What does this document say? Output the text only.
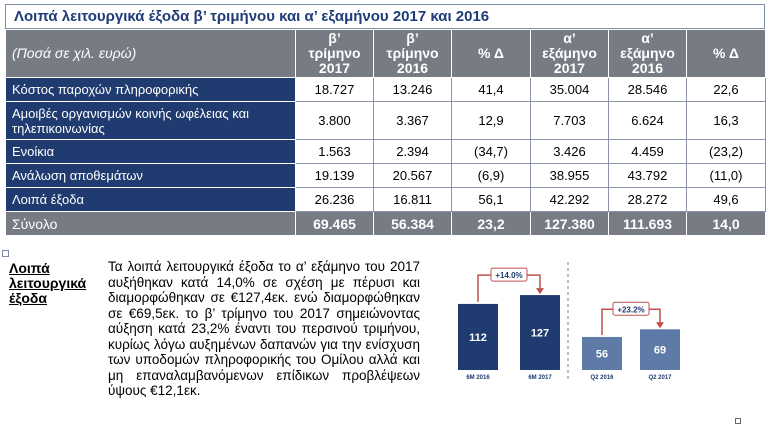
Λοιπά λειτουργικά έξοδα β’ τριμήνου και α’ εξαμήνου 2017 και 2016
(Ποσά σε χιλ. ευρώ)	β’
τρίμηνο
2017	β’
τρίμηνο
2016	% Δ	α’
εξάμηνο
2017	α’
εξάμηνο
2016	% Δ
Κόστος παροχών πληροφορικής	18.727	13.246	41,4	35.004	28.546	22,6
Αμοιβές οργανισμών κοινής ωφέλειας και τηλεπικοινωνίας	3.800	3.367	12,9	7.703	6.624	16,3
Ενοίκια	1.563	2.394	(34,7)	3.426	4.459	(23,2)
Ανάλωση αποθεμάτων	19.139	20.567	(6,9)	38.955	43.792	(11,0)
Λοιπά έξοδα	26.236	16.811	56,1	42.292	28.272	49,6
Σύνολο	69.465	56.384	23,2	127.380	111.693	14,0
Λοιπά λειτουργικά έξοδα
Τα λοιπά λειτουργικά έξοδα το α’ εξάμηνο του 2017 αυξήθηκαν κατά 14,0% σε σχέση με πέρυσι και διαμορφώθηκαν σε €127,4εκ. ενώ διαμορφώθηκαν σε €69,5εκ. το β’ τρίμηνο του 2017 σημειώνοντας αύξηση κατά 23,2% έναντι του περσινού τριμήνου, κυρίως λόγω αυξημένων δαπανών για την ενίσχυση των υποδομών πληροφορικής του Ομίλου αλλά και μη επαναλαμβανόμενων επίδικων προβλέψεων ύψους €12,1εκ.
112
6M 2016
127
6M 2017
+14.0%
56
Q2 2016
69
Q2 2017
+23.2%
